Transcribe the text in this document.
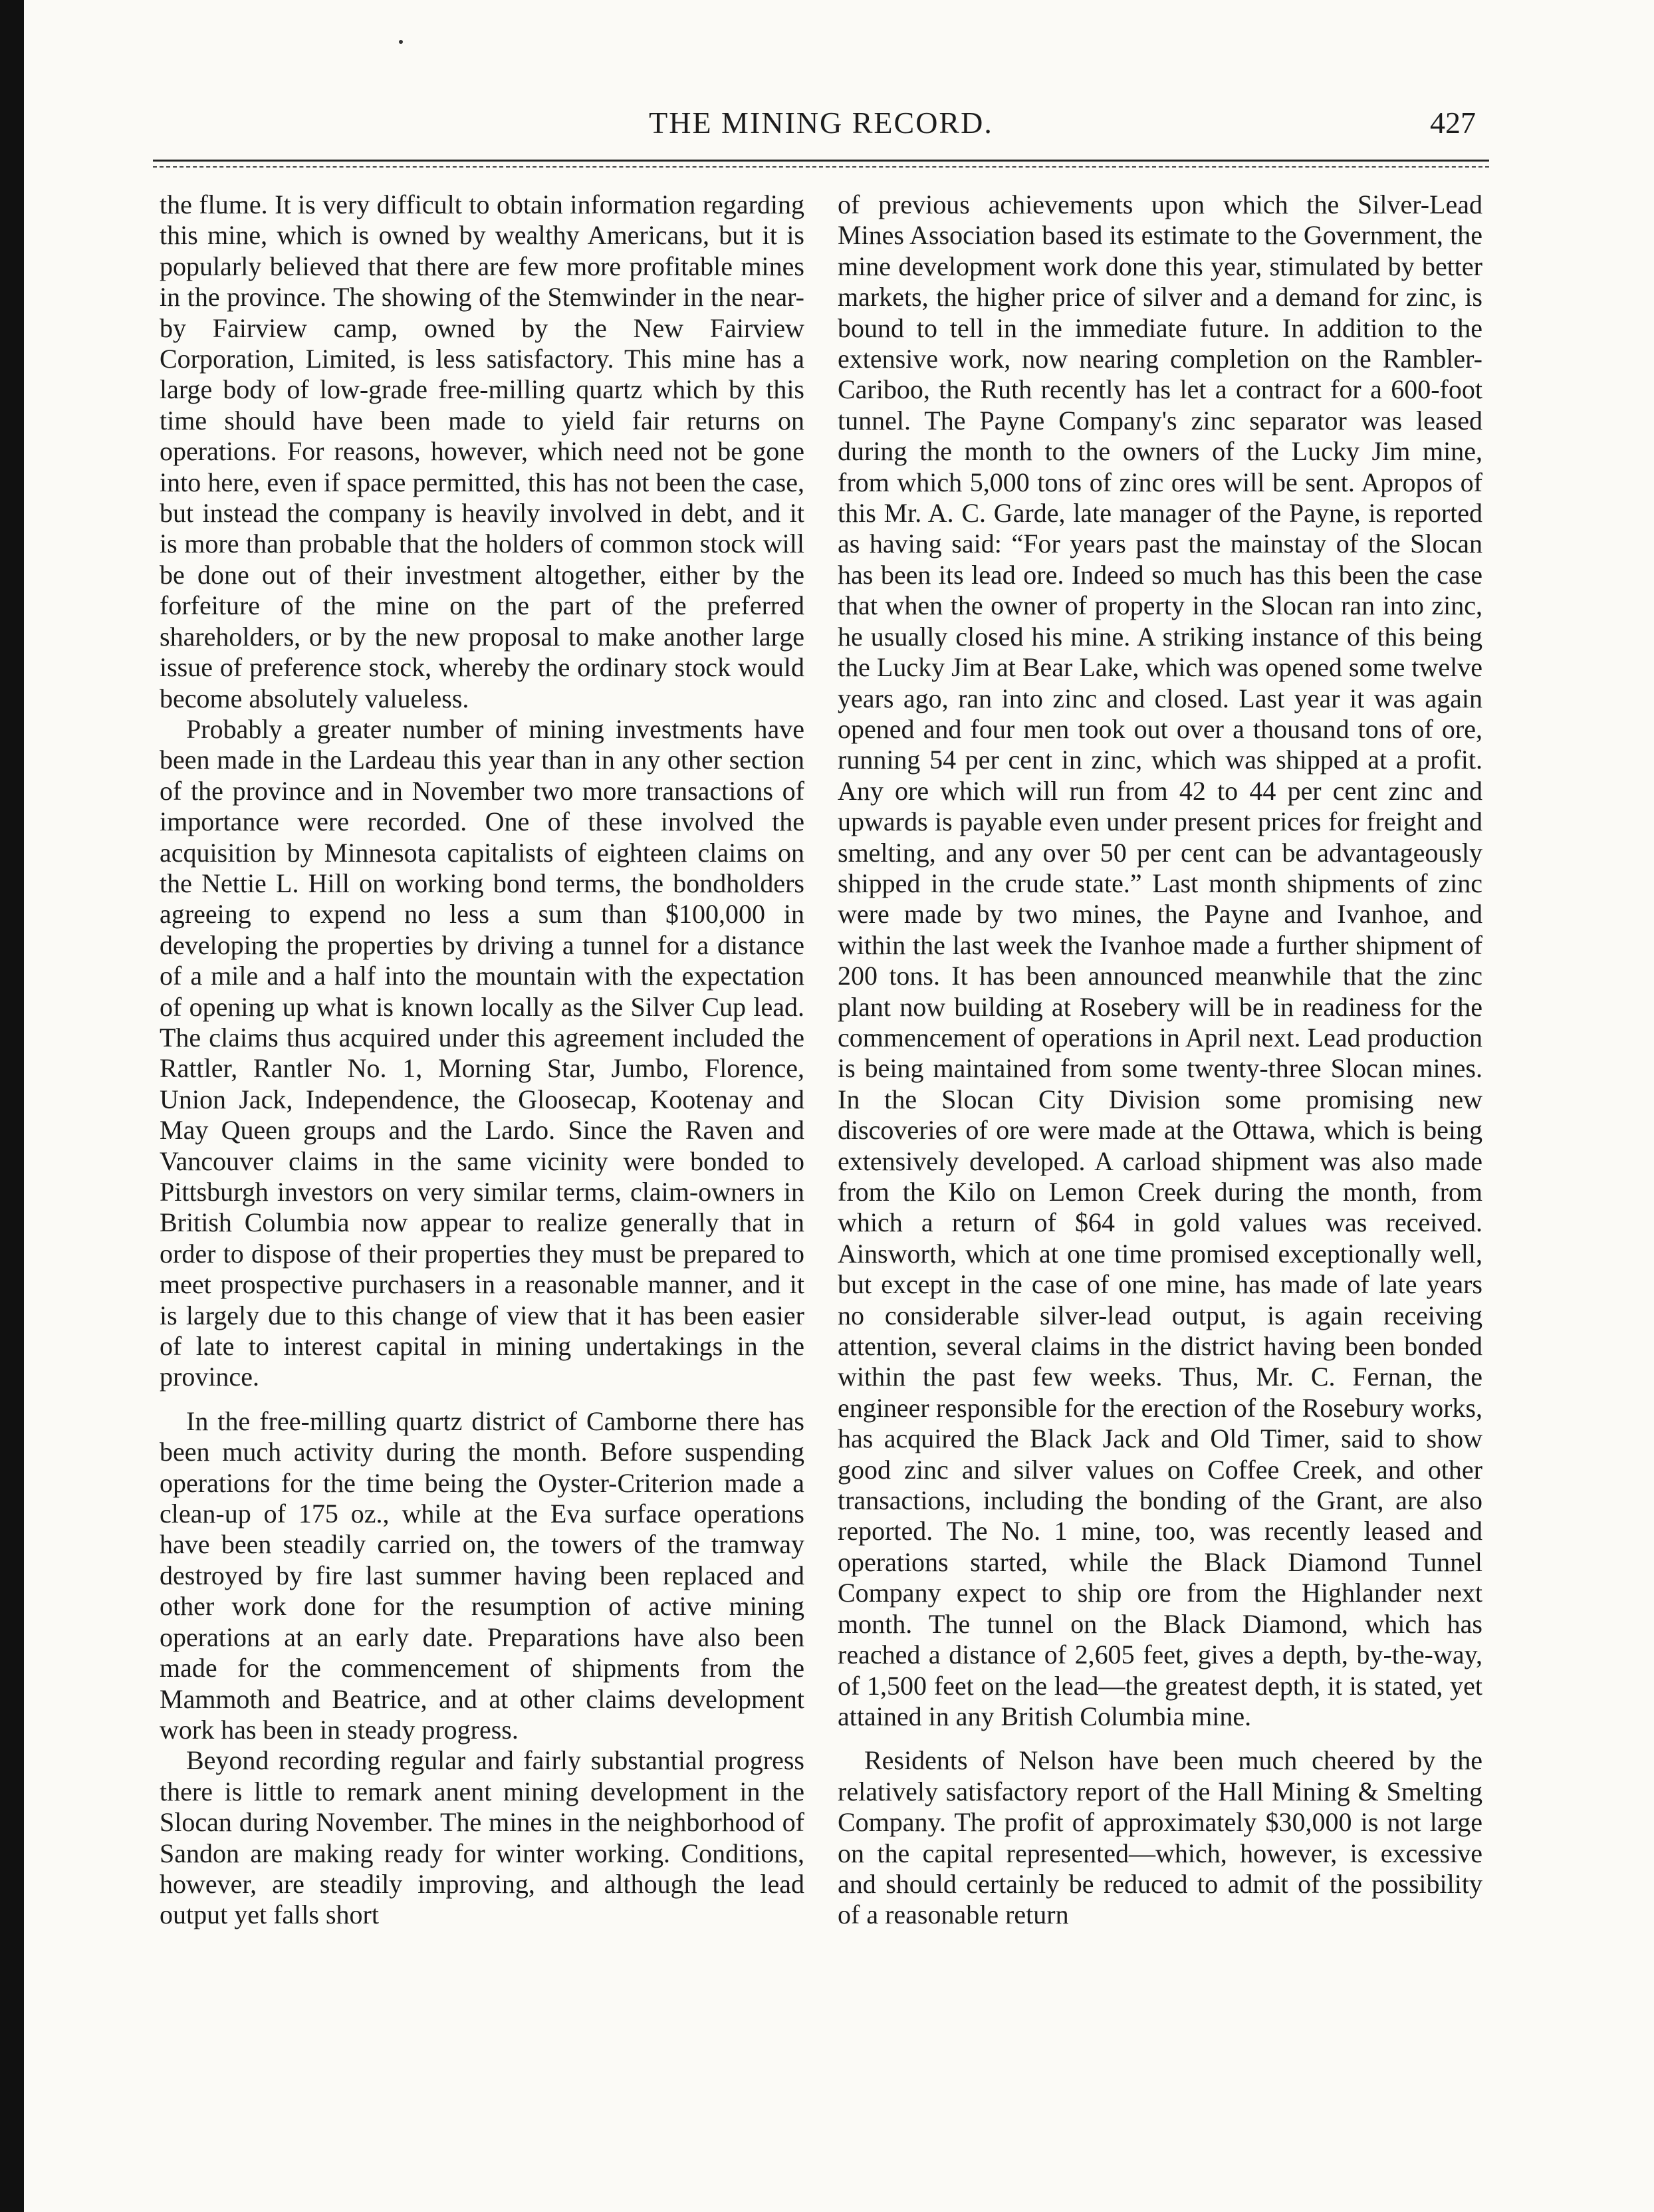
THE MINING RECORD.	427

the flume. It is very difficult to obtain information regarding this mine, which is owned by wealthy Americans, but it is popularly believed that there are few more profitable mines in the province. The showing of the Stemwinder in the near-by Fairview camp, owned by the New Fairview Corporation, Limited, is less satisfactory. This mine has a large body of low-grade free-milling quartz which by this time should have been made to yield fair returns on operations. For reasons, however, which need not be gone into here, even if space permitted, this has not been the case, but instead the company is heavily involved in debt, and it is more than probable that the holders of common stock will be done out of their investment altogether, either by the forfeiture of the mine on the part of the preferred shareholders, or by the new proposal to make another large issue of preference stock, whereby the ordinary stock would become absolutely valueless.

Probably a greater number of mining investments have been made in the Lardeau this year than in any other section of the province and in November two more transactions of importance were recorded. One of these involved the acquisition by Minnesota capitalists of eighteen claims on the Nettie L. Hill on working bond terms, the bondholders agreeing to expend no less a sum than $100,000 in developing the properties by driving a tunnel for a distance of a mile and a half into the mountain with the expectation of opening up what is known locally as the Silver Cup lead. The claims thus acquired under this agreement included the Rattler, Rantler No. 1, Morning Star, Jumbo, Florence, Union Jack, Independence, the Gloosecap, Kootenay and May Queen groups and the Lardo. Since the Raven and Vancouver claims in the same vicinity were bonded to Pittsburgh investors on very similar terms, claim-owners in British Columbia now appear to realize generally that in order to dispose of their properties they must be prepared to meet prospective purchasers in a reasonable manner, and it is largely due to this change of view that it has been easier of late to interest capital in mining undertakings in the province.

In the free-milling quartz district of Camborne there has been much activity during the month. Before suspending operations for the time being the Oyster-Criterion made a clean-up of 175 oz., while at the Eva surface operations have been steadily carried on, the towers of the tramway destroyed by fire last summer having been replaced and other work done for the resumption of active mining operations at an early date. Preparations have also been made for the commencement of shipments from the Mammoth and Beatrice, and at other claims development work has been in steady progress.

Beyond recording regular and fairly substantial progress there is little to remark anent mining development in the Slocan during November. The mines in the neighborhood of Sandon are making ready for winter working. Conditions, however, are steadily improving, and although the lead output yet falls short

of previous achievements upon which the Silver-Lead Mines Association based its estimate to the Government, the mine development work done this year, stimulated by better markets, the higher price of silver and a demand for zinc, is bound to tell in the immediate future. In addition to the extensive work, now nearing completion on the Rambler-Cariboo, the Ruth recently has let a contract for a 600-foot tunnel. The Payne Company's zinc separator was leased during the month to the owners of the Lucky Jim mine, from which 5,000 tons of zinc ores will be sent. Apropos of this Mr. A. C. Garde, late manager of the Payne, is reported as having said: “For years past the mainstay of the Slocan has been its lead ore. Indeed so much has this been the case that when the owner of property in the Slocan ran into zinc, he usually closed his mine. A striking instance of this being the Lucky Jim at Bear Lake, which was opened some twelve years ago, ran into zinc and closed. Last year it was again opened and four men took out over a thousand tons of ore, running 54 per cent in zinc, which was shipped at a profit. Any ore which will run from 42 to 44 per cent zinc and upwards is payable even under present prices for freight and smelting, and any over 50 per cent can be advantageously shipped in the crude state.” Last month shipments of zinc were made by two mines, the Payne and Ivanhoe, and within the last week the Ivanhoe made a further shipment of 200 tons. It has been announced meanwhile that the zinc plant now building at Rosebery will be in readiness for the commencement of operations in April next. Lead production is being maintained from some twenty-three Slocan mines. In the Slocan City Division some promising new discoveries of ore were made at the Ottawa, which is being extensively developed. A carload shipment was also made from the Kilo on Lemon Creek during the month, from which a return of $64 in gold values was received. Ainsworth, which at one time promised exceptionally well, but except in the case of one mine, has made of late years no considerable silver-lead output, is again receiving attention, several claims in the district having been bonded within the past few weeks. Thus, Mr. C. Fernan, the engineer responsible for the erection of the Rosebury works, has acquired the Black Jack and Old Timer, said to show good zinc and silver values on Coffee Creek, and other transactions, including the bonding of the Grant, are also reported. The No. 1 mine, too, was recently leased and operations started, while the Black Diamond Tunnel Company expect to ship ore from the Highlander next month. The tunnel on the Black Diamond, which has reached a distance of 2,605 feet, gives a depth, by-the-way, of 1,500 feet on the lead—the greatest depth, it is stated, yet attained in any British Columbia mine.

Residents of Nelson have been much cheered by the relatively satisfactory report of the Hall Mining & Smelting Company. The profit of approximately $30,000 is not large on the capital represented—which, however, is excessive and should certainly be reduced to admit of the possibility of a reasonable return
